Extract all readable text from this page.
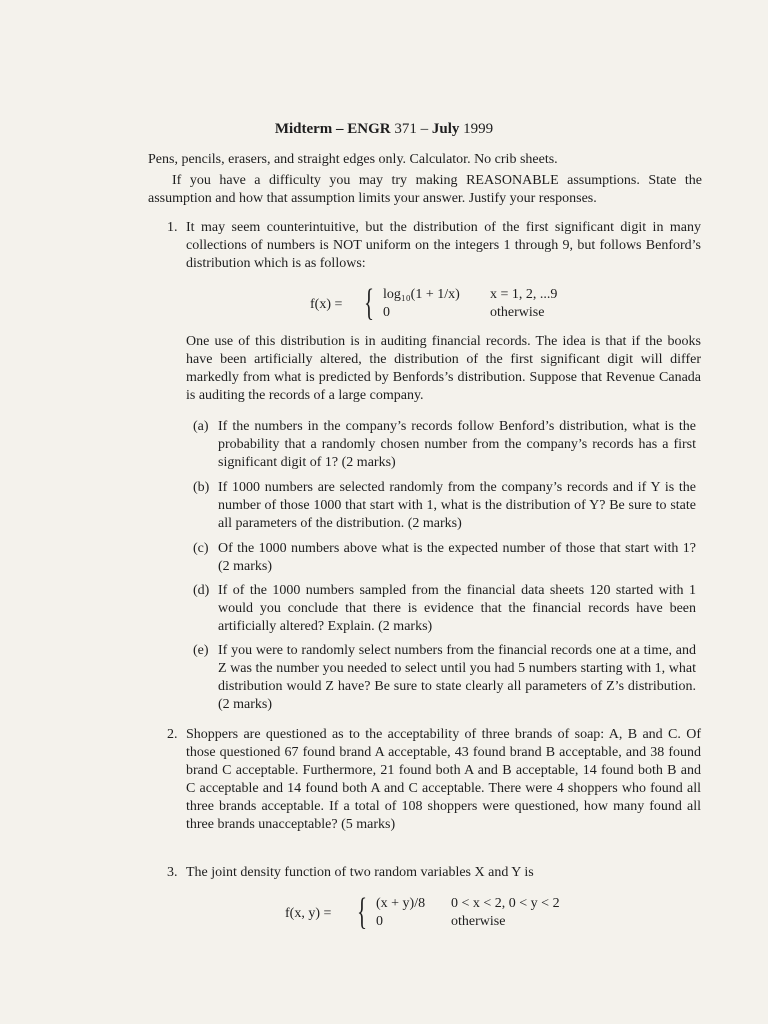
Midterm – ENGR 371 – July 1999
Pens, pencils, erasers, and straight edges only. Calculator. No crib sheets.
If you have a difficulty you may try making REASONABLE assumptions. State the assumption and how that assumption limits your answer. Justify your responses.
1. It may seem counterintuitive, but the distribution of the first significant digit in many collections of numbers is NOT uniform on the integers 1 through 9, but follows Benford’s distribution which is as follows:
f(x) = { log₁₀(1 + 1/x) x = 1, 2, ...9
0	otherwise
One use of this distribution is in auditing financial records. The idea is that if the books have been artificially altered, the distribution of the first significant digit will differ markedly from what is predicted by Benfords’s distribution. Suppose that Revenue Canada is auditing the records of a large company.
(a) If the numbers in the company’s records follow Benford’s distribution, what is the probability that a randomly chosen number from the company’s records has a first significant digit of 1? (2 marks)
(b) If 1000 numbers are selected randomly from the company’s records and if Y is the number of those 1000 that start with 1, what is the distribution of Y? Be sure to state all parameters of the distribution. (2 marks)
(c) Of the 1000 numbers above what is the expected number of those that start with 1? (2 marks)
(d) If of the 1000 numbers sampled from the financial data sheets 120 started with 1 would you conclude that there is evidence that the financial records have been artificially altered? Explain. (2 marks)
(e) If you were to randomly select numbers from the financial records one at a time, and Z was the number you needed to select until you had 5 numbers starting with 1, what distribution would Z have? Be sure to state clearly all parameters of Z’s distribution. (2 marks)
2. Shoppers are questioned as to the acceptability of three brands of soap: A, B and C. Of those questioned 67 found brand A acceptable, 43 found brand B acceptable, and 38 found brand C acceptable. Furthermore, 21 found both A and B acceptable, 14 found both B and C acceptable and 14 found both A and C acceptable. There were 4 shoppers who found all three brands acceptable. If a total of 108 shoppers were questioned, how many found all three brands unacceptable? (5 marks)
3. The joint density function of two random variables X and Y is
f(x, y) = { (x + y)/8 0 < x < 2, 0 < y < 2
0	otherwise
